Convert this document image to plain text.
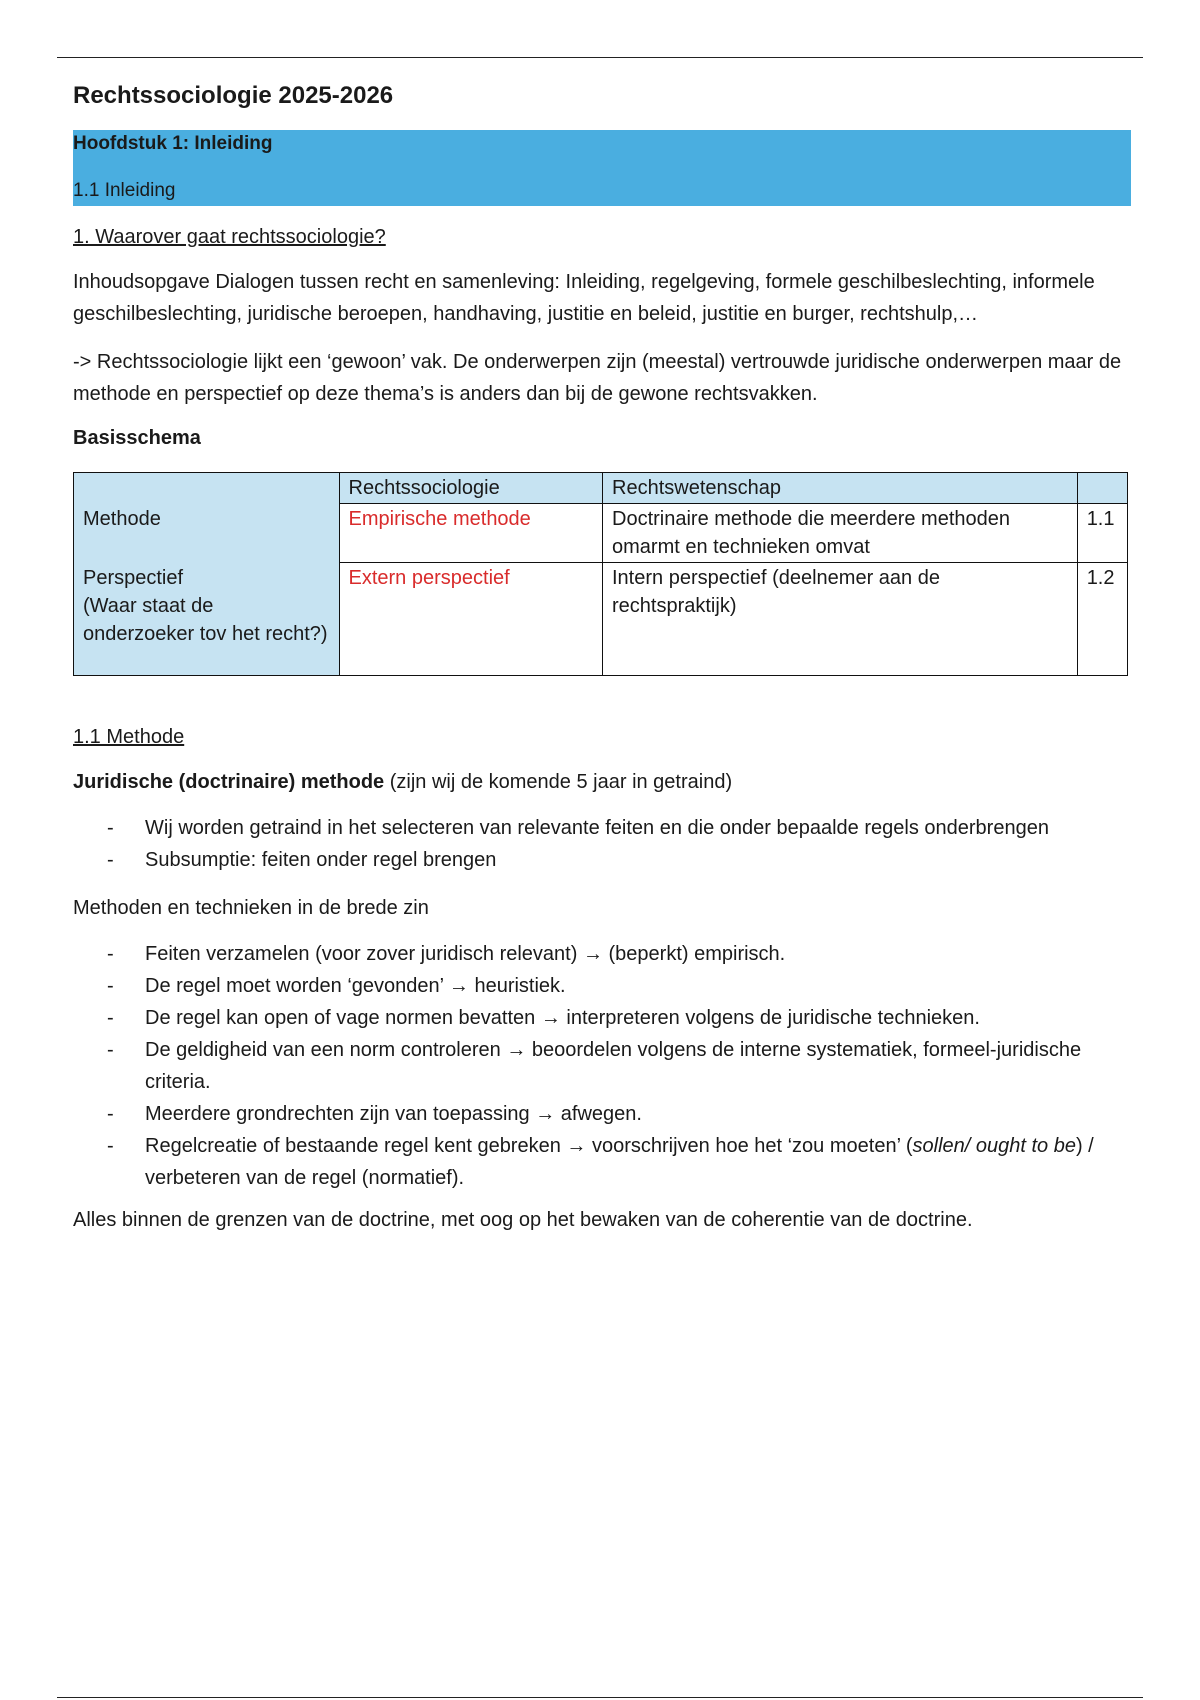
Rechtssociologie 2025-2026
Hoofdstuk 1: Inleiding
1.1 Inleiding
1. Waarover gaat rechtssociologie?

Inhoudsopgave Dialogen tussen recht en samenleving: Inleiding, regelgeving, formele geschilbeslechting, informele geschilbeslechting, juridische beroepen, handhaving, justitie en beleid, justitie en burger, rechtshulp,…

-> Rechtssociologie lijkt een ‘gewoon’ vak. De onderwerpen zijn (meestal) vertrouwde juridische onderwerpen maar de methode en perspectief op deze thema’s is anders dan bij de gewone rechtsvakken.

Basisschema
	Rechtssociologie	Rechtswetenschap	
Methode	Empirische methode	Doctrinaire methode die meerdere methoden omarmt en technieken omvat	1.1

Perspectief
(Waar staat de onderzoeker tov het recht?)	Extern perspectief	Intern perspectief (deelnemer aan de rechtspraktijk)	1.2
1.1 Methode

Juridische (doctrinaire) methode (zijn wij de komende 5 jaar in getraind)

- Wij worden getraind in het selecteren van relevante feiten en die onder bepaalde regels onderbrengen
- Subsumptie: feiten onder regel brengen

Methoden en technieken in de brede zin

- Feiten verzamelen (voor zover juridisch relevant) → (beperkt) empirisch.
- De regel moet worden ‘gevonden’ → heuristiek.
- De regel kan open of vage normen bevatten → interpreteren volgens de juridische technieken.
- De geldigheid van een norm controleren → beoordelen volgens de interne systematiek, formeel-juridische criteria.
- Meerdere grondrechten zijn van toepassing → afwegen.
- Regelcreatie of bestaande regel kent gebreken → voorschrijven hoe het ‘zou moeten’ (sollen/ ought to be) / verbeteren van de regel (normatief).

Alles binnen de grenzen van de doctrine, met oog op het bewaken van de coherentie van de doctrine.
